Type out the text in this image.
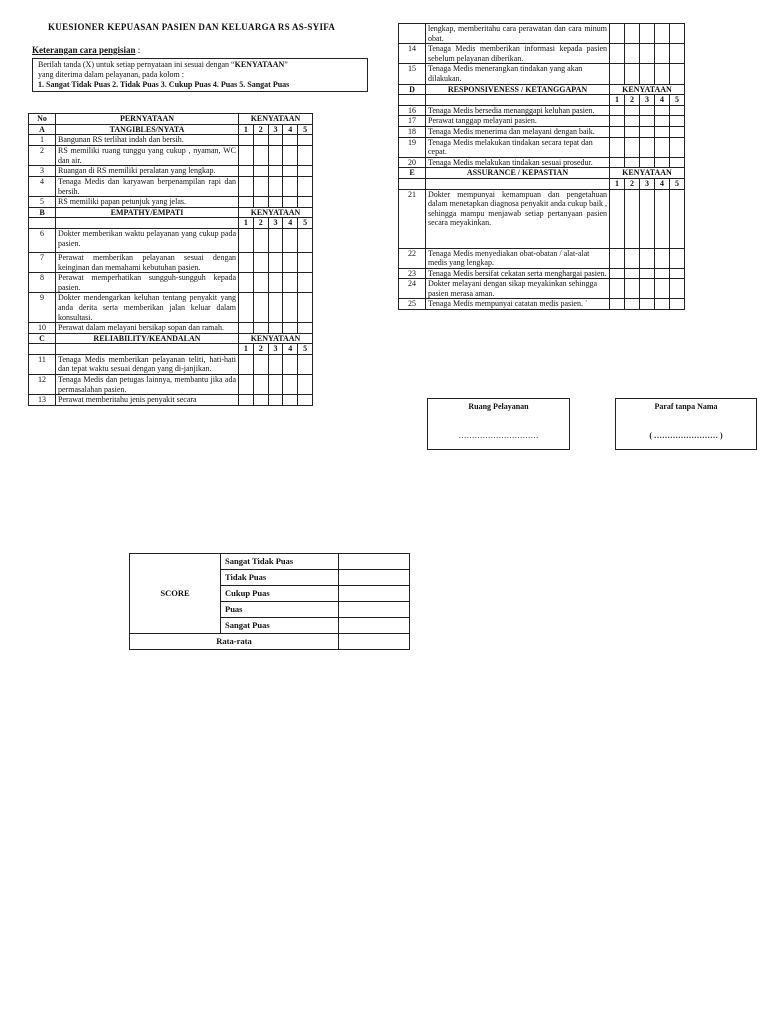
KUESIONER KEPUASAN PASIEN DAN KELUARGA RS AS-SYIFA
Keterangan cara pengisian :
Berilah tanda (X) untuk setiap pernyataan ini sesuai dengan “KENYATAAN”
yang diterima dalam pelayanan, pada kolom :
1. Sangat Tidak Puas 2. Tidak Puas 3. Cukup Puas 4. Puas 5. Sangat Puas
No	PERNYATAAN	KENYATAAN				
A	TANGIBLES/NYATA	1	2	3	4	5
1	Bangunan RS terlihat indah dan bersih.					
2	RS memiliki ruang tunggu yang cukup , nyaman, WC dan air.					
3	Ruangan di RS memiliki peralatan yang lengkap.					
4	Tenaga Medis dan karyawan berpenampilan rapi dan bersih.					
5	RS memiliki papan petunjuk yang jelas.					
B	EMPATHY/EMPATI	KENYATAAN				
		1	2	3	4	5
6	Dokter memberikan waktu pelayanan yang cukup pada pasien.					
7	Perawat memberikan pelayanan sesuai dengan keinginan dan memahami kebutuhan pasien.					
8	Perawat memperhatikan sungguh-sungguh kepada pasien.					
9	Dokter mendengarkan keluhan tentang penyakit yang anda derita serta memberikan jalan keluar dalam konsultasi.					
10	Perawat dalam melayani bersikap sopan dan ramah.					
C	RELIABILITY/KEANDALAN	KENYATAAN				
		1	2	3	4	5
11	Tenaga Medis memberikan pelayanan teliti, hati-hati dan tepat waktu sesuai dengan yang di-janjikan.					
12	Tenaga Medis dan petugas lainnya, membantu jika ada permasalahan pasien.					
13	Perawat memberitahu jenis penyakit secara					
	lengkap, memberitahu cara perawatan dan cara minum obat.					
14	Tenaga Medis memberikan informasi kepada pasien sebelum pelayanan diberikan.					
15	Tenaga Medis menerangkan tindakan yang akan dilakukan.					
D	RESPONSIVENESS / KETANGGAPAN	KENYATAAN				
		1	2	3	4	5
16	Tenaga Medis bersedia menanggapi keluhan pasien.					
17	Perawat tanggap melayani pasien.					
18	Tenaga Medis menerima dan melayani dengan baik.					
19	Tenaga Medis melakukan tindakan secara tepat dan cepat.					
20	Tenaga Medis melakukan tindakan sesuai prosedur.					
E	ASSURANCE / KEPASTIAN	KENYATAAN				
		1	2	3	4	5
21	Dokter mempunyai kemampuan dan pengetahuan dalam menetapkan diagnosa penyakit anda cukup baik , sehingga mampu menjawab setiap pertanyaan pasien secara meyakinkan.					
22	Tenaga Medis menyediakan obat-obatan / alat-alat medis yang lengkap.					
23	Tenaga Medis bersifat cekatan serta menghargai pasien.					
24	Dokter melayani dengan sikap meyakinkan sehingga pasien merasa aman.					
25	Tenaga Medis mempunyai catatan medis pasien. `					
Ruang Pelayanan
…………………………
Paraf tanpa Nama
( …………………… )
SCORE	Sangat Tidak Puas	
	Tidak Puas	
	Cukup Puas	
	Puas	
	Sangat Puas	
Rata-rata		
